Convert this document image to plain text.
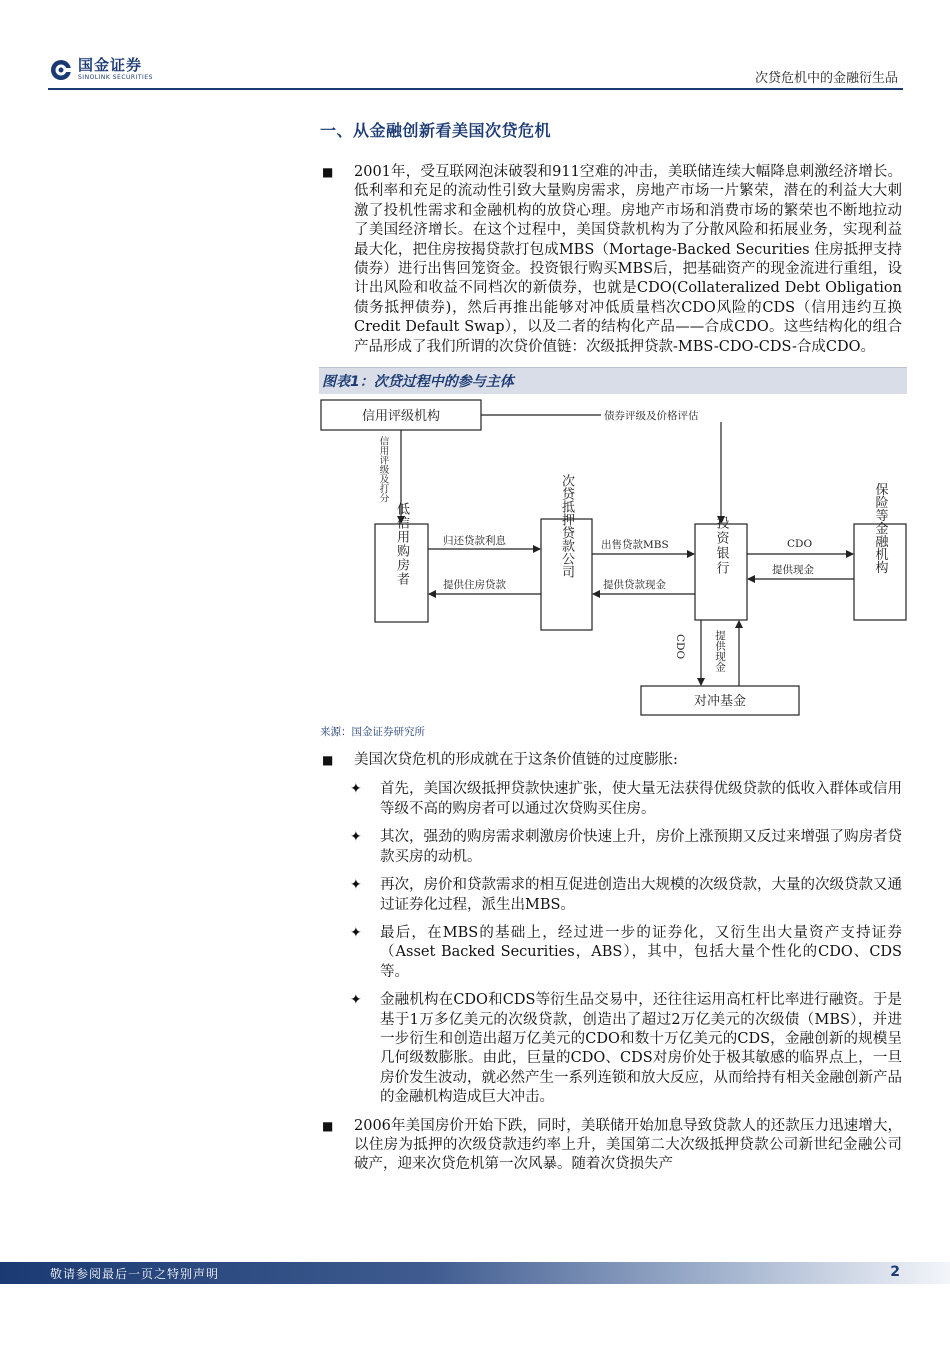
国金证券
SINOLINK SECURITIES	次贷危机中的金融衍生品
一、从金融创新看美国次贷危机
■ 2001年，受互联网泡沫破裂和911空难的冲击，美联储连续大幅降息刺激经济增长。低利率和充足的流动性引致大量购房需求，房地产市场一片繁荣，潜在的利益大大刺激了投机性需求和金融机构的放贷心理。房地产市场和消费市场的繁荣也不断地拉动了美国经济增长。在这个过程中，美国贷款机构为了分散风险和拓展业务，实现利益最大化，把住房按揭贷款打包成MBS（Mortage-Backed Securities 住房抵押支持债券）进行出售回笼资金。投资银行购买MBS后，把基础资产的现金流进行重组，设计出风险和收益不同档次的新债券，也就是CDO(Collateralized Debt Obligation 债务抵押债券)，然后再推出能够对冲低质量档次CDO风险的CDS（信用违约互换 Credit Default Swap），以及二者的结构化产品——合成CDO。这些结构化的组合产品形成了我们所谓的次贷价值链：次级抵押贷款-MBS-CDO-CDS-合成CDO。
图表1：次贷过程中的参与主体
信用评级机构
低信用购房者	次贷抵押贷款公司	投资银行	保险等金融机构
对冲基金
债券评级及价格评估
信用评级及打分
归还贷款利息
提供住房贷款
出售贷款MBS
提供贷款现金
CDO
提供现金
CDO	提供现金
来源：国金证券研究所
■ 美国次贷危机的形成就在于这条价值链的过度膨胀:
✦ 首先，美国次级抵押贷款快速扩张，使大量无法获得优级贷款的低收入群体或信用等级不高的购房者可以通过次贷购买住房。
✦ 其次，强劲的购房需求刺激房价快速上升，房价上涨预期又反过来增强了购房者贷款买房的动机。
✦ 再次，房价和贷款需求的相互促进创造出大规模的次级贷款，大量的次级贷款又通过证券化过程，派生出MBS。
✦ 最后，在MBS的基础上，经过进一步的证券化，又衍生出大量资产支持证券（Asset Backed Securities，ABS），其中，包括大量个性化的CDO、CDS等。
✦ 金融机构在CDO和CDS等衍生品交易中，还往往运用高杠杆比率进行融资。于是基于1万多亿美元的次级贷款，创造出了超过2万亿美元的次级债（MBS），并进一步衍生和创造出超万亿美元的CDO和数十万亿美元的CDS，金融创新的规模呈几何级数膨胀。由此，巨量的CDO、CDS对房价处于极其敏感的临界点上，一旦房价发生波动，就必然产生一系列连锁和放大反应，从而给持有相关金融创新产品的金融机构造成巨大冲击。
■ 2006年美国房价开始下跌，同时，美联储开始加息导致贷款人的还款压力迅速增大，以住房为抵押的次级贷款违约率上升，美国第二大次级抵押贷款公司新世纪金融公司破产，迎来次贷危机第一次风暴。随着次贷损失产
敬请参阅最后一页之特别声明	2
